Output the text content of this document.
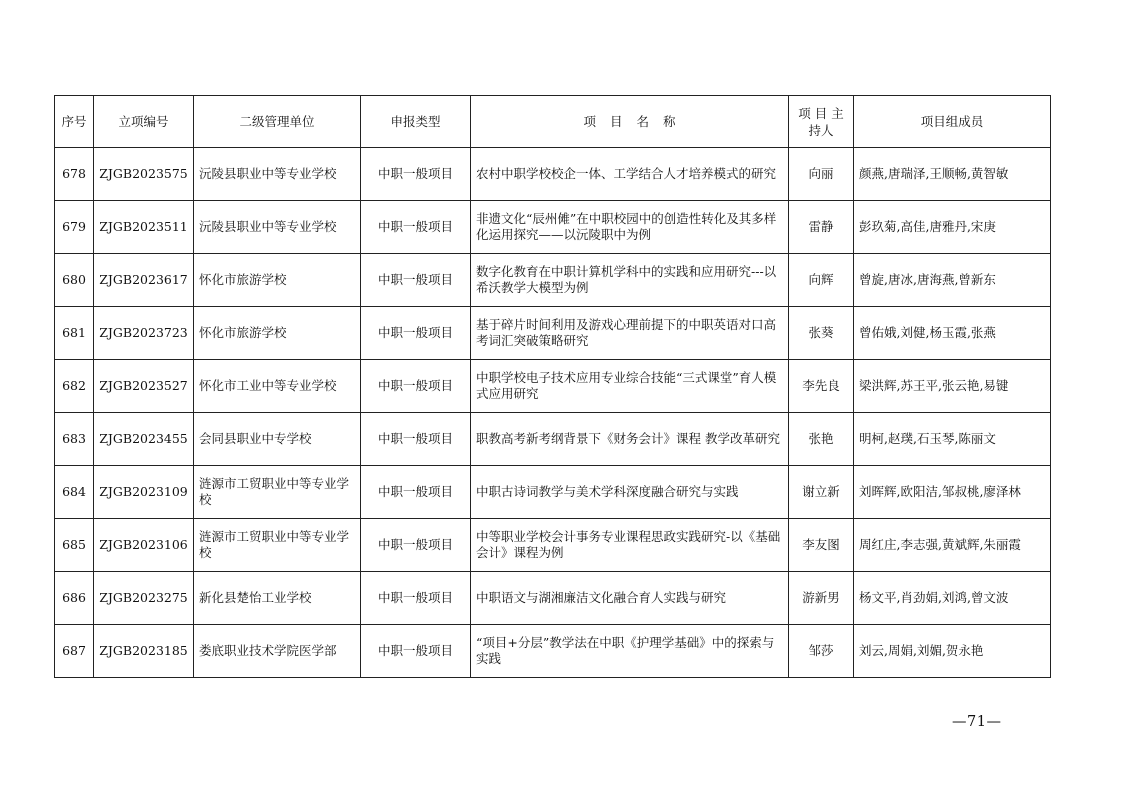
序号	立项编号	二级管理单位	申报类型	项 目 名 称	项 目 主持人	项目组成员
678	ZJGB2023575	沅陵县职业中等专业学校	中职一般项目	农村中职学校校企一体、工学结合人才培养模式的研究	向丽	颜燕,唐瑞泽,王顺畅,黄智敏
679	ZJGB2023511	沅陵县职业中等专业学校	中职一般项目	非遗文化“辰州傩”在中职校园中的创造性转化及其多样化运用探究——以沅陵职中为例	雷静	彭玖菊,高佳,唐雅丹,宋庚
680	ZJGB2023617	怀化市旅游学校	中职一般项目	数字化教育在中职计算机学科中的实践和应用研究---以希沃教学大模型为例	向辉	曾旋,唐冰,唐海燕,曾新东
681	ZJGB2023723	怀化市旅游学校	中职一般项目	基于碎片时间利用及游戏心理前提下的中职英语对口高考词汇突破策略研究	张葵	曾佑娥,刘健,杨玉霞,张燕
682	ZJGB2023527	怀化市工业中等专业学校	中职一般项目	中职学校电子技术应用专业综合技能“三式课堂”育人模式应用研究	李先良	梁洪辉,苏王平,张云艳,易键
683	ZJGB2023455	会同县职业中专学校	中职一般项目	职教高考新考纲背景下《财务会计》课程 教学改革研究	张艳	明柯,赵璞,石玉琴,陈丽文
684	ZJGB2023109	涟源市工贸职业中等专业学校	中职一般项目	中职古诗词教学与美术学科深度融合研究与实践	谢立新	刘晖辉,欧阳洁,邹叔桃,廖泽林
685	ZJGB2023106	涟源市工贸职业中等专业学校	中职一般项目	中等职业学校会计事务专业课程思政实践研究-以《基础会计》课程为例	李友图	周红庄,李志强,黄斌辉,朱丽霞
686	ZJGB2023275	新化县楚怡工业学校	中职一般项目	中职语文与湖湘廉洁文化融合育人实践与研究	游新男	杨文平,肖劲娟,刘鸿,曾文波
687	ZJGB2023185	娄底职业技术学院医学部	中职一般项目	“项目+分层”教学法在中职《护理学基础》中的探索与实践	邹莎	刘云,周娟,刘媚,贺永艳
—71—
